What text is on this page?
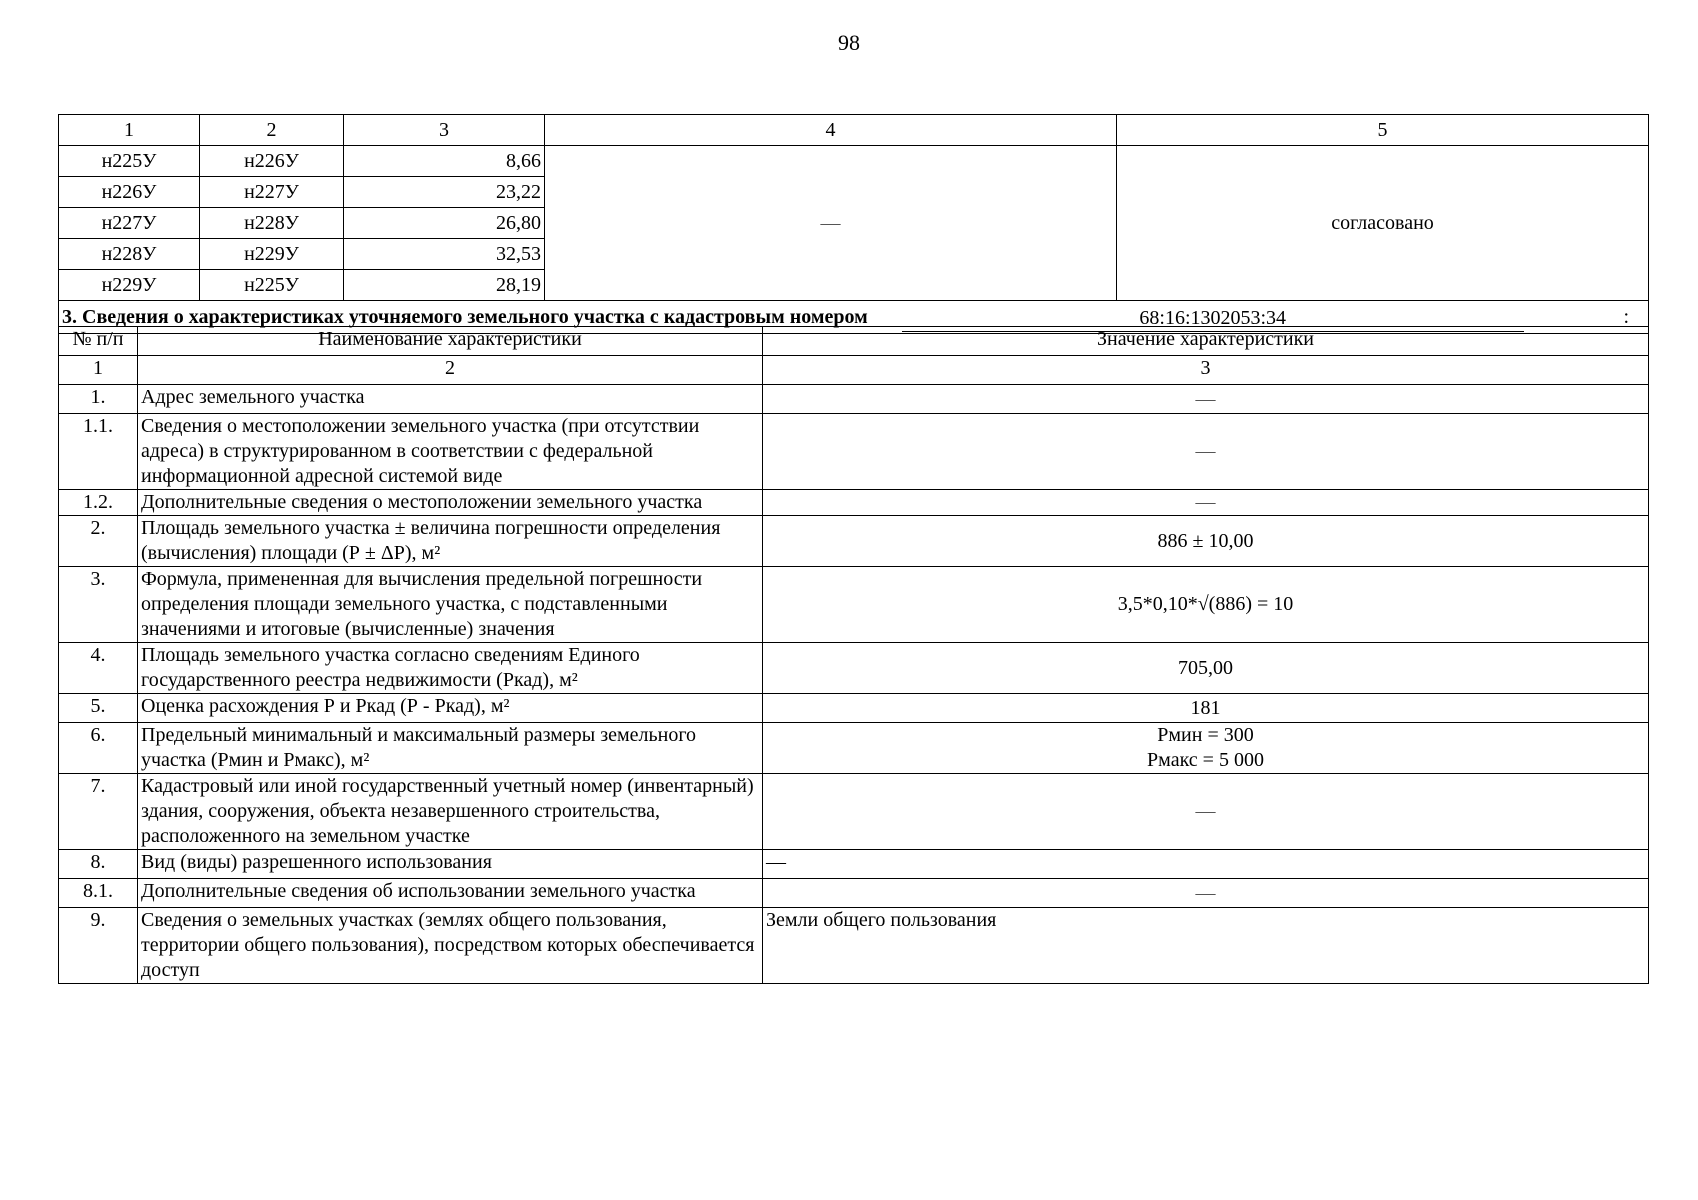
98
1	2	3	4	5
н225У	н226У	8,66	—	согласовано
н226У	н227У	23,22		
н227У	н228У	26,80		
н228У	н229У	32,53		
н229У	н225У	28,19		

3. Сведения о характеристиках уточняемого земельного участка с кадастровым номером 68:16:1302053:34 :				
№ п/п	Наименование характеристики	Значение характеристики
1	2	3
1.	Адрес земельного участка	—
1.1.	Сведения о местоположении земельного участка (при отсутствии адреса) в структурированном в соответствии с федеральной информационной адресной системой виде	—
1.2.	Дополнительные сведения о местоположении земельного участка	—
2.	Площадь земельного участка ± величина погрешности определения (вычисления) площади (Р ± ΔР), м²	886 ± 10,00
3.	Формула, примененная для вычисления предельной погрешности определения площади земельного участка, с подставленными значениями и итоговые (вычисленные) значения	3,5*0,10*√(886) = 10
4.	Площадь земельного участка согласно сведениям Единого государственного реестра недвижимости (Ркад), м²	705,00
5.	Оценка расхождения Р и Ркад (Р - Ркад), м²	181
6.	Предельный минимальный и максимальный размеры земельного участка (Рмин и Рмакс), м²	Рмин = 300
Рмакс = 5 000

7.	Кадастровый или иной государственный учетный номер (инвентарный) здания, сооружения, объекта незавершенного строительства, расположенного на земельном участке	—
8.	Вид (виды) разрешенного использования	—
8.1.	Дополнительные сведения об использовании земельного участка	—
9.	Сведения о земельных участках (землях общего пользования, территории общего пользования), посредством которых обеспечивается доступ	Земли общего пользования
